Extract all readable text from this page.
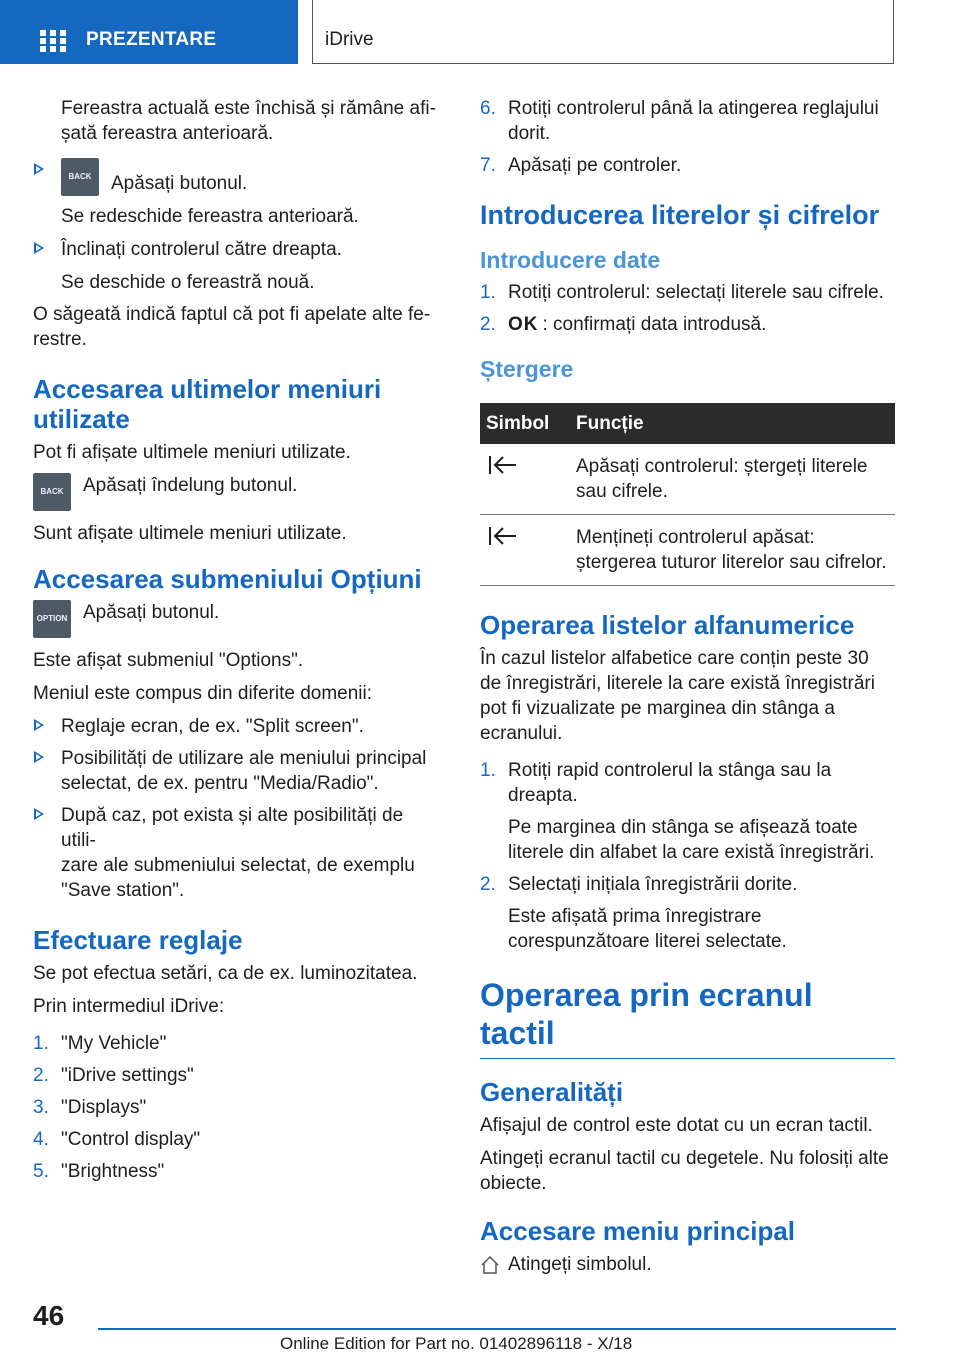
PREZENTARE	iDrive

Fereastra actuală este închisă și rămâne afi-
șată fereastra anterioară.

BACK	Apăsați butonul.
Se redeschide fereastra anterioară.
Înclinați controlerul către dreapta.
Se deschide o fereastră nouă.

O săgeată indică faptul că pot fi apelate alte fe-
restre.

Accesarea ultimelor meniuri utilizate

Pot fi afișate ultimele meniuri utilizate.

BACK	Apăsați îndelung butonul.

Sunt afișate ultimele meniuri utilizate.

Accesarea submeniului Opțiuni
OPTION Apăsați butonul.

Este afișat submeniul "Options".

Meniul este compus din diferite domenii:

Reglaje ecran, de ex. "Split screen".
Posibilități de utilizare ale meniului principal selectat, de ex. pentru "Media/Radio".
După caz, pot exista și alte posibilități de utili-
zare ale submeniului selectat, de exemplu "Save station".
Efectuare reglaje

Se pot efectua setări, ca de ex. luminozitatea.

Prin intermediul iDrive:

1. "My Vehicle"
2. "iDrive settings"
3. "Displays"
4. "Control display"
5. "Brightness"
6. Rotiți controlerul până la atingerea reglajului dorit.
7. Apăsați pe controler.
Introducerea literelor și cifrelor
Introducere date
1. Rotiți controlerul: selectați literele sau cifrele.
2. OK : confirmați data introdusă.
Ștergere
Simbol	Funcție
	Apăsați controlerul: ștergeți literele sau cifrele.
	Mențineți controlerul apăsat: ștergerea tuturor literelor sau cifrelor.
Operarea listelor alfanumerice

În cazul listelor alfabetice care conțin peste 30 de înregistrări, literele la care există înregistrări pot fi vizualizate pe marginea din stânga a ecranului.

1. Rotiți rapid controlerul la stânga sau la dreapta.
Pe marginea din stânga se afișează toate literele din alfabet la care există înregistrări.
2. Selectați inițiala înregistrării dorite.
Este afișată prima înregistrare corespunzătoare literei selectate.
Operarea prin ecranul tactil
Generalități

Afișajul de control este dotat cu un ecran tactil.

Atingeți ecranul tactil cu degetele. Nu folosiți alte obiecte.

Accesare meniu principal
Atingeți simbolul.
46
Online Edition for Part no. 01402896118 - X/18
